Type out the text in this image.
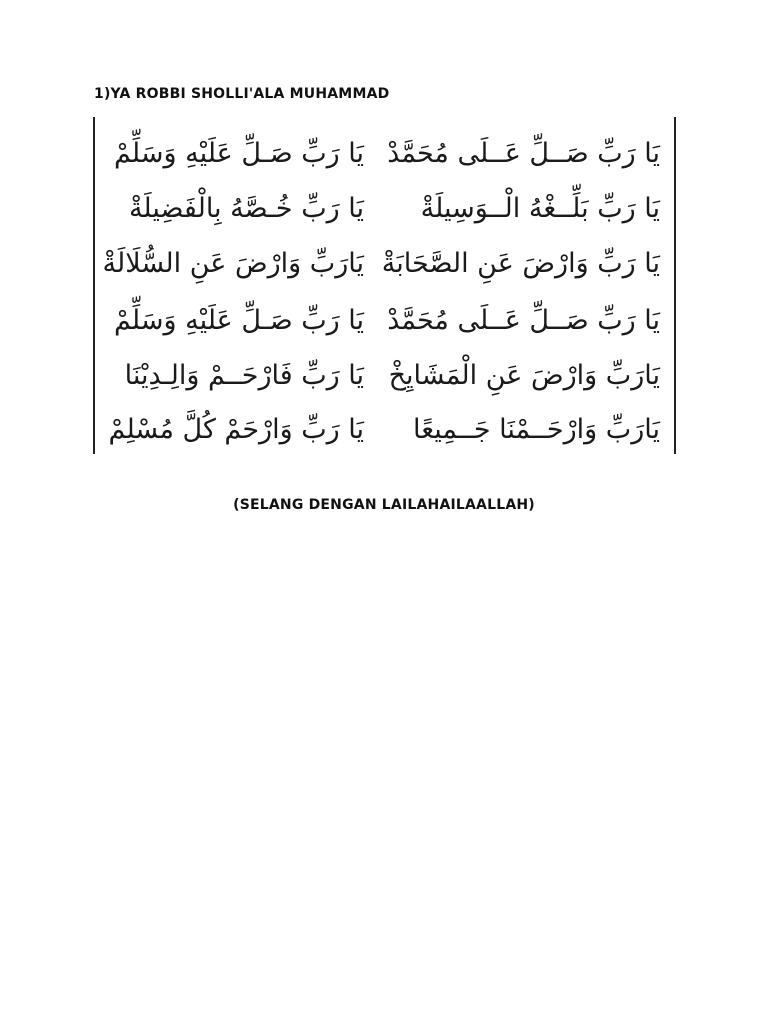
1)YA ROBBI SHOLLI'ALA MUHAMMAD
يَا رَبِّ صَــلِّ عَــلَى مُحَمَّدْ
يَا رَبِّ صَـلِّ عَلَيْهِ وَسَلِّمْ
يَا رَبِّ بَلِّــغْهُ الْــوَسِيلَةْ
يَا رَبِّ خُـصَّهُ بِالْفَضِيلَةْ
يَا رَبِّ وَارْضَ عَنِ الصَّحَابَةْ
يَارَبِّ وَارْضَ عَنِ السُّلَالَةْ
يَا رَبِّ صَــلِّ عَــلَى مُحَمَّدْ
يَا رَبِّ صَـلِّ عَلَيْهِ وَسَلِّمْ
يَارَبِّ وَارْضَ عَنِ الْمَشَايِخْ
يَا رَبِّ فَارْحَــمْ وَالِـدِيْنَا
يَارَبِّ وَارْحَــمْنَا جَــمِيعًا
يَا رَبِّ وَارْحَمْ كُلَّ مُسْلِمْ
(SELANG DENGAN LAILAHAILAALLAH)
